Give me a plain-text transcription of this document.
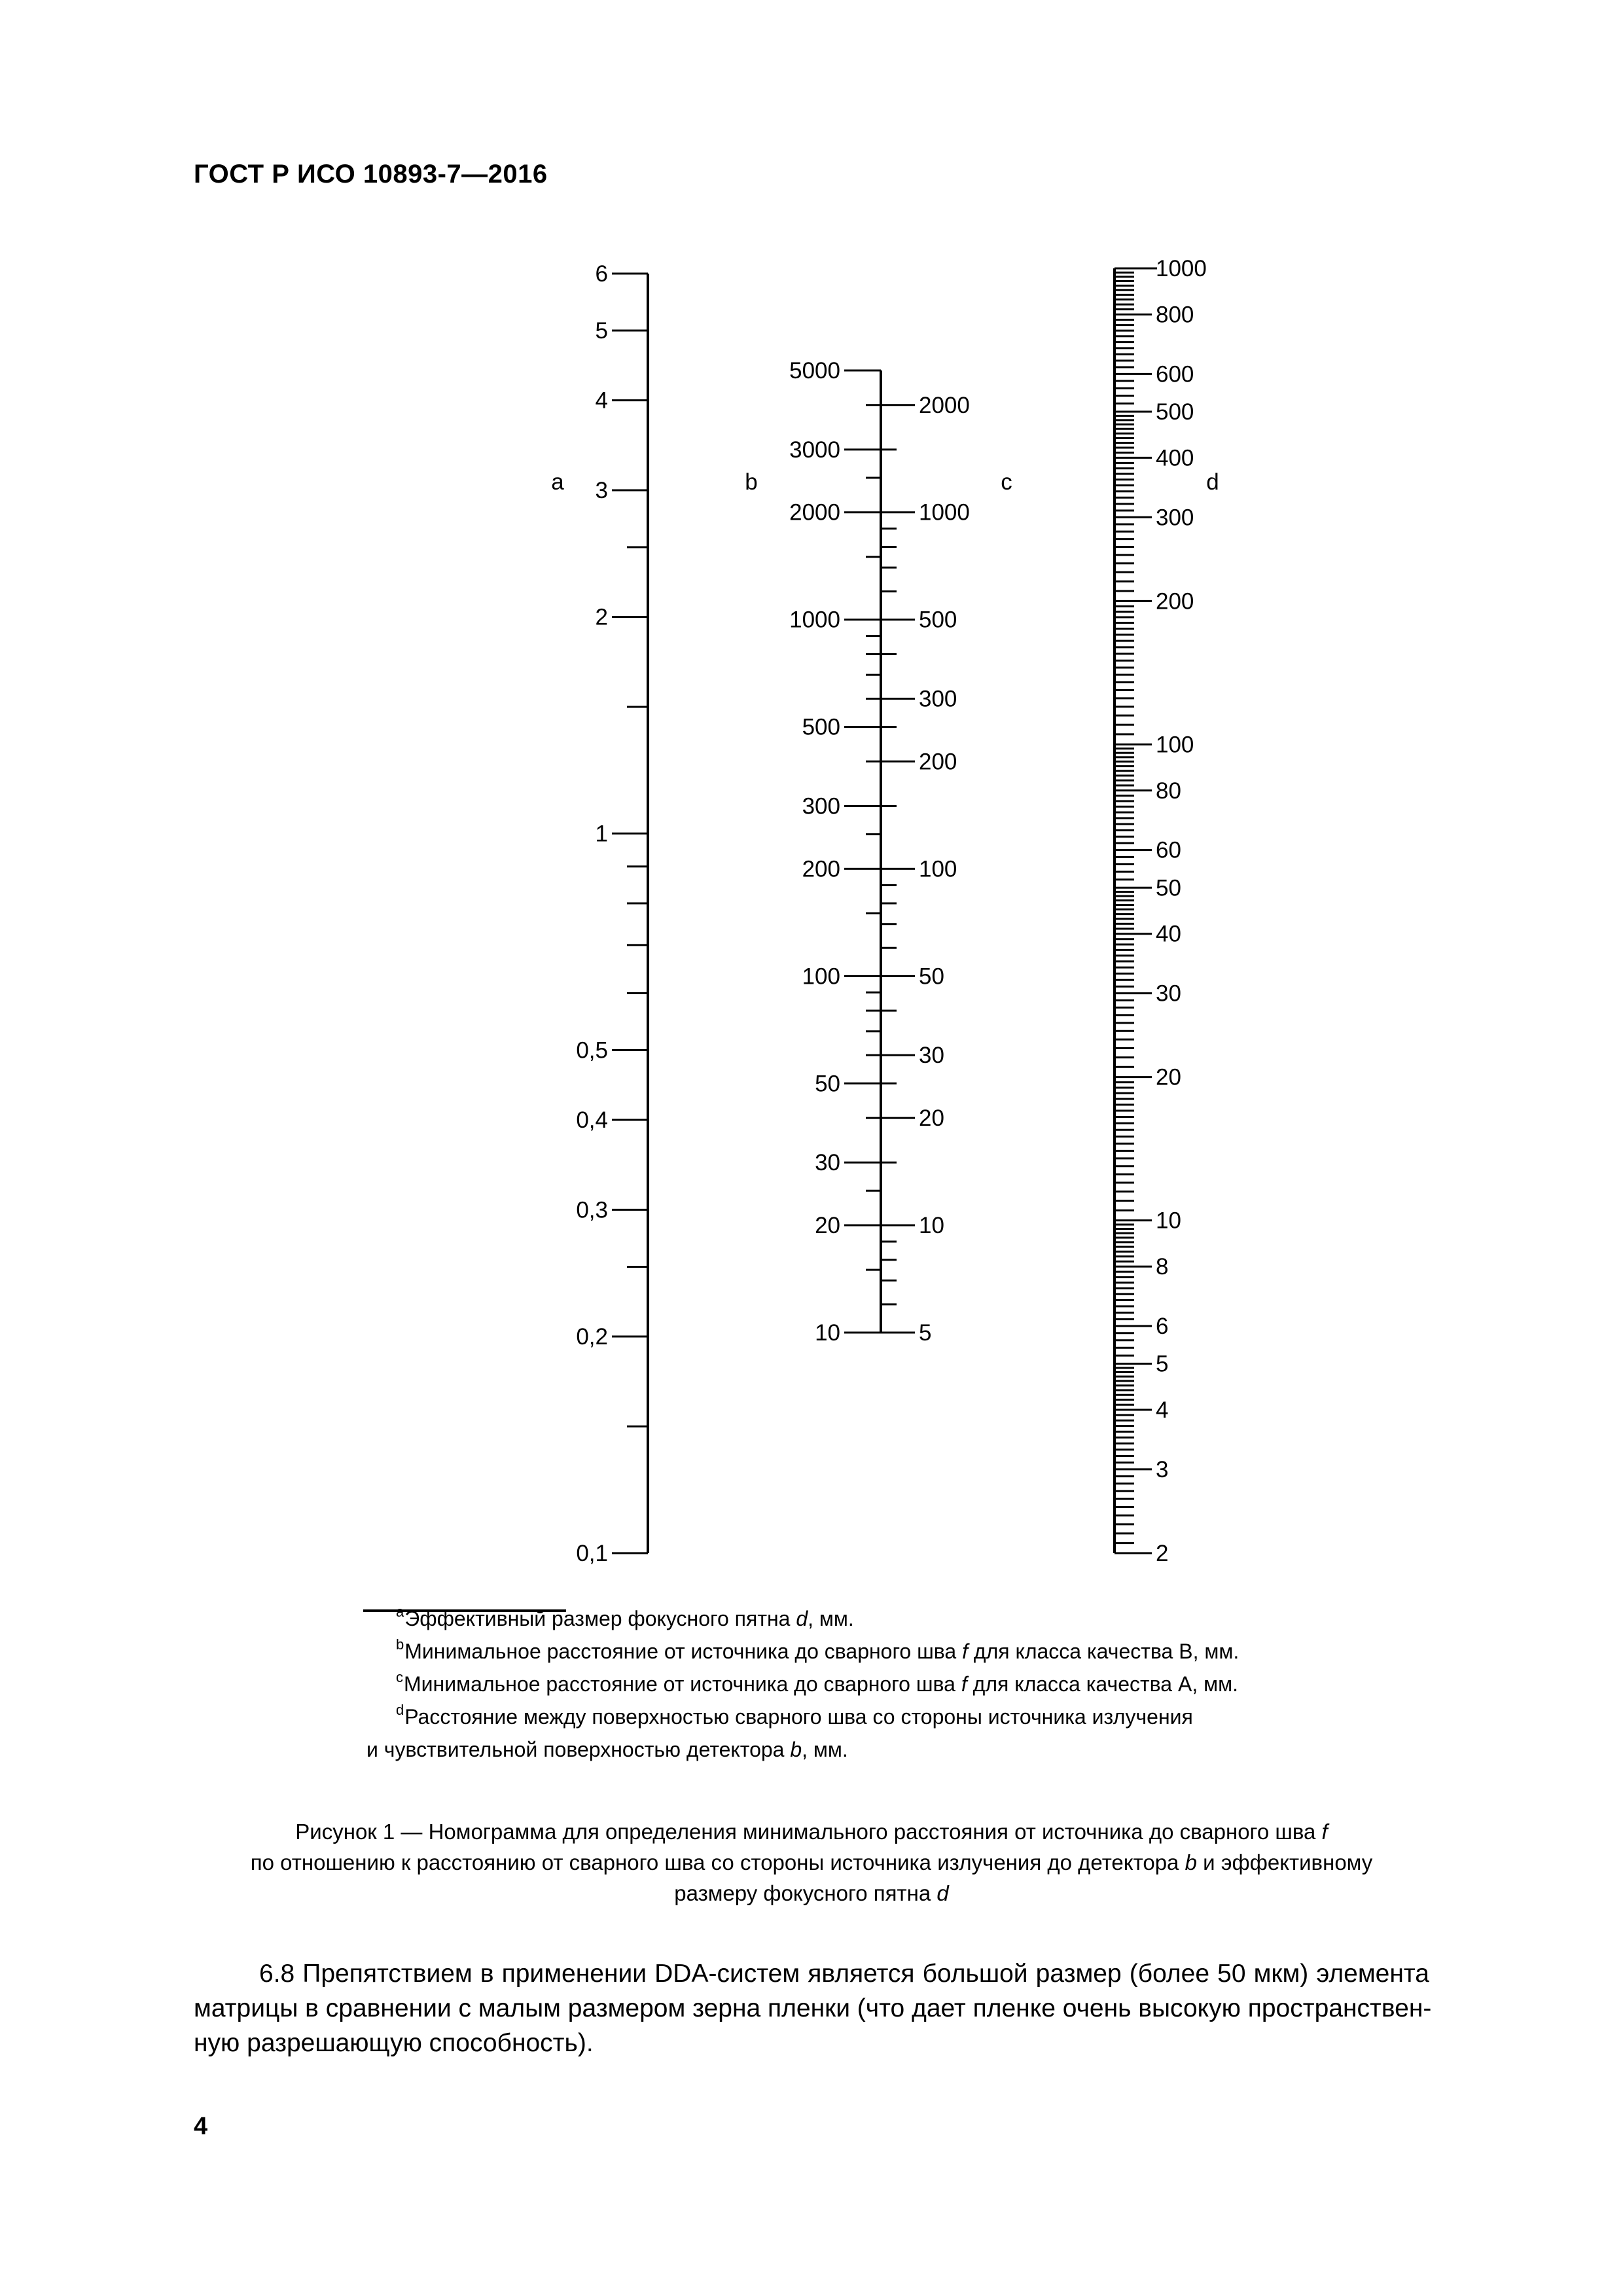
ГОСТ Р ИСО 10893-7—2016
6
5
4
3
2
1
0,5
0,4
0,3
0,2
0,1
5000
3000
2000
1000
500
300
200
100
50
30
20
10
2000
1000
500
300
200
100
50
30
20
10
5
1000
800
600
500
400
300
200
100
80
60
50
40
30
20
10
8
6
5
4
3
2
a	b	c	d
$^a$Эффективный размер фокусного пятна d, мм.
$^b$Минимальное расстояние от источника до сварного шва f для класса качества B, мм.
$^c$Минимальное расстояние от источника до сварного шва f для класса качества A, мм.
$^d$Расстояние между поверхностью сварного шва со стороны источника излучения
и чувствительной поверхностью детектора b, мм.
Рисунок 1 — Номограмма для определения минимального расстояния от источника до сварного шва f
по отношению к расстоянию от сварного шва со стороны источника излучения до детектора b и эффективному
размеру фокусного пятна d
6.8 Препятствием в применении DDA-систем является большой размер (более 50 мкм) элемента
матрицы в сравнении с малым размером зерна пленки (что дает пленке очень высокую пространствен-
ную разрешающую способность).
4
